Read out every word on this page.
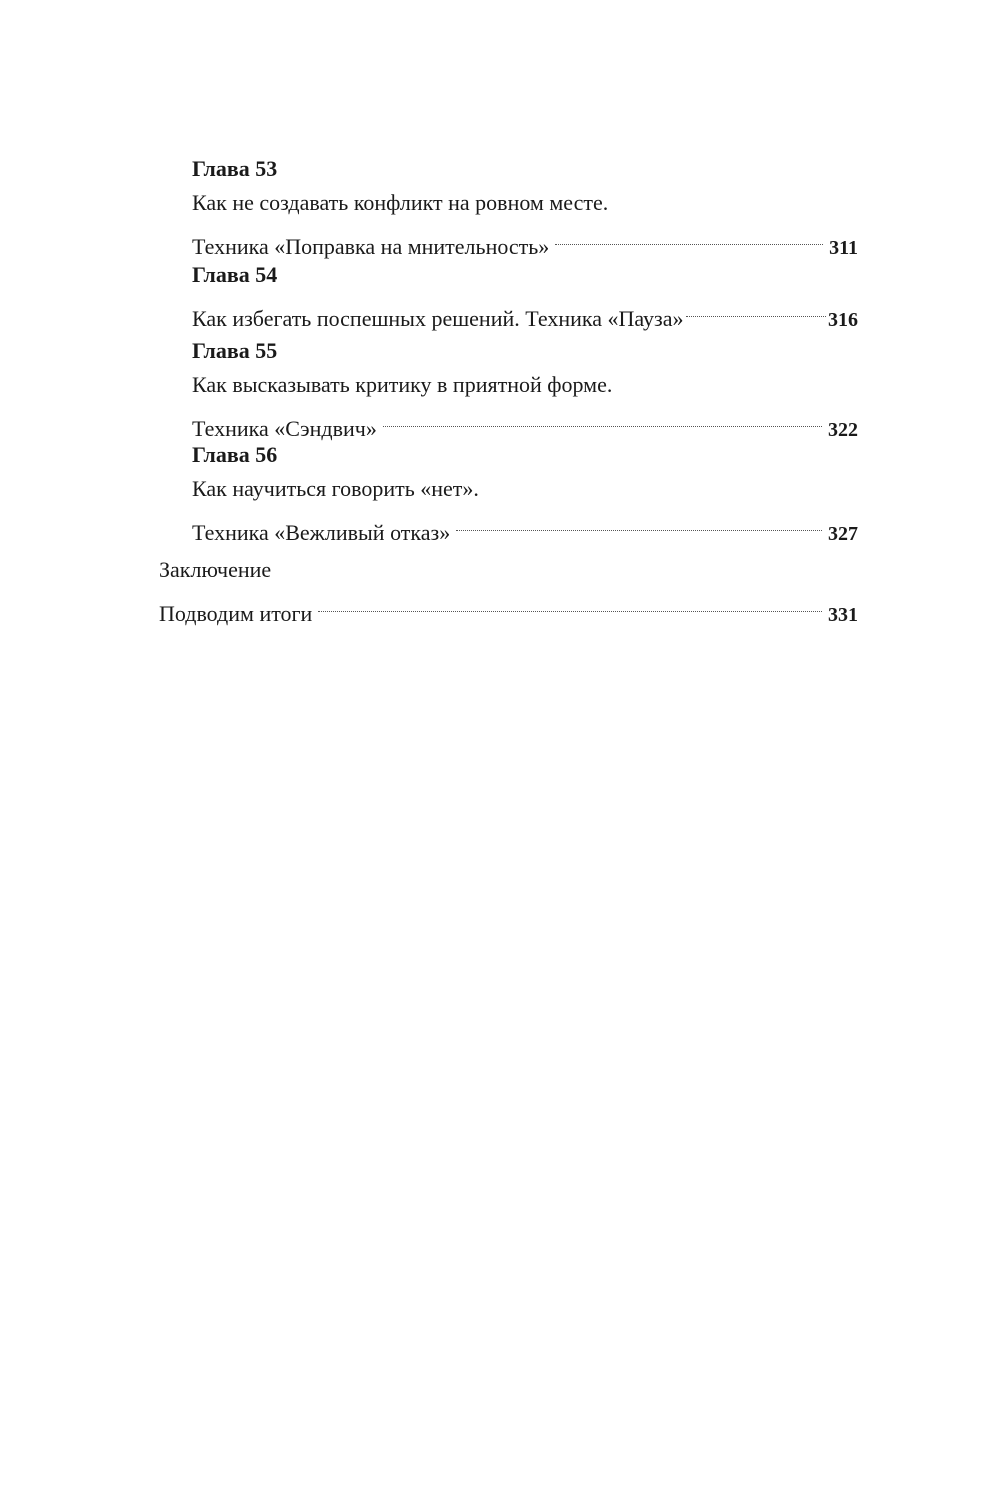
Глава 53
Как не создавать конфликт на ровном месте.
Техника «Поправка на мнительность»	311
Глава 54
Как избегать поспешных решений. Техника «Пауза»	316
Глава 55
Как высказывать критику в приятной форме.
Техника «Сэндвич»	322
Глава 56
Как научиться говорить «нет».
Техника «Вежливый отказ»	327
Заключение
Подводим итоги	331
